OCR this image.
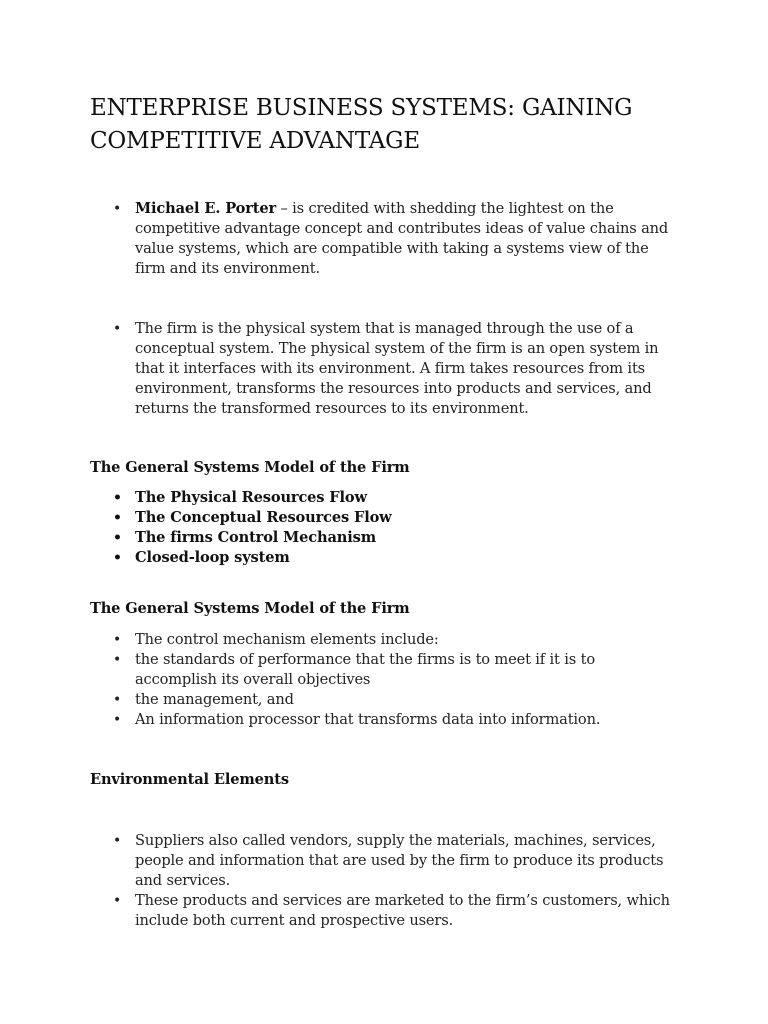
ENTERPRISE BUSINESS SYSTEMS: GAINING COMPETITIVE ADVANTAGE
• Michael E. Porter – is credited with shedding the lightest on the competitive advantage concept and contributes ideas of value chains and value systems, which are compatible with taking a systems view of the firm and its environment.
• The firm is the physical system that is managed through the use of a conceptual system. The physical system of the firm is an open system in that it interfaces with its environment. A firm takes resources from its environment, transforms the resources into products and services, and returns the transformed resources to its environment.

The General Systems Model of the Firm

• The Physical Resources Flow
• The Conceptual Resources Flow
• The firms Control Mechanism
• Closed-loop system

The General Systems Model of the Firm

• The control mechanism elements include:
• the standards of performance that the firms is to meet if it is to accomplish its overall objectives
• the management, and
• An information processor that transforms data into information.

Environmental Elements

• Suppliers also called vendors, supply the materials, machines, services, people and information that are used by the firm to produce its products and services.
• These products and services are marketed to the firm’s customers, which include both current and prospective users.
